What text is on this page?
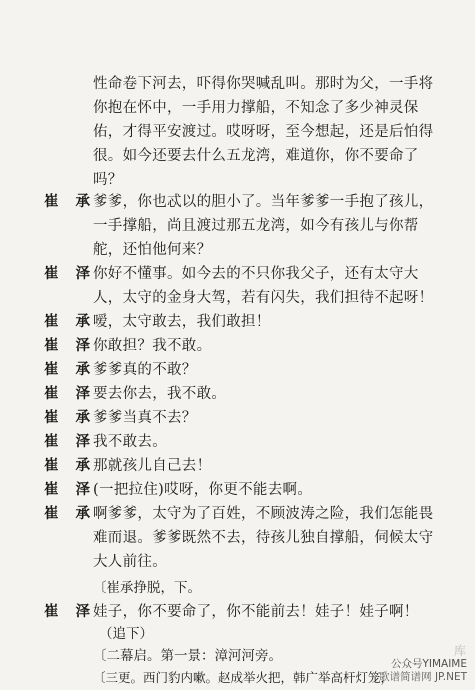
性命卷下河去，吓得你哭喊乱叫。那时为父，一手将
你抱在怀中，一手用力撑船，不知念了多少神灵保
佑，才得平安渡过。哎呀呀，至今想起，还是后怕得
很。如今还要去什么五龙湾，难道你，你不要命了
吗？
崔 承
爹爹，你也忒以的胆小了。当年爹爹一手抱了孩儿，
一手撑船，尚且渡过那五龙湾，如今有孩儿与你帮
舵，还怕他何来？
崔 泽
你好不懂事。如今去的不只你我父子，还有太守大
人，太守的金身大驾，若有闪失，我们担待不起呀！
崔 承
嗳，太守敢去，我们敢担！
崔 泽
你敢担？我不敢。
崔 承
爹爹真的不敢？
崔 泽
要去你去，我不敢。
崔 承
爹爹当真不去？
崔 泽
我不敢去。
崔 承
那就孩儿自己去！
崔 泽
(一把拉住)哎呀，你更不能去啊。
崔 承
啊爹爹，太守为了百姓，不顾波涛之险，我们怎能畏
难而退。爹爹既然不去，待孩儿独自撑船，伺候太守
大人前往。
〔崔承挣脱，下。
崔 泽
娃子，你不要命了，你不能前去！娃子！娃子啊！
（追下）
〔二幕启。第一景：漳河河旁。
〔三更。西门豹内嗽。赵成举火把，韩广举高杆灯笼，
库
公众号YIMAIME
歌谱简谱网 JP.NET
